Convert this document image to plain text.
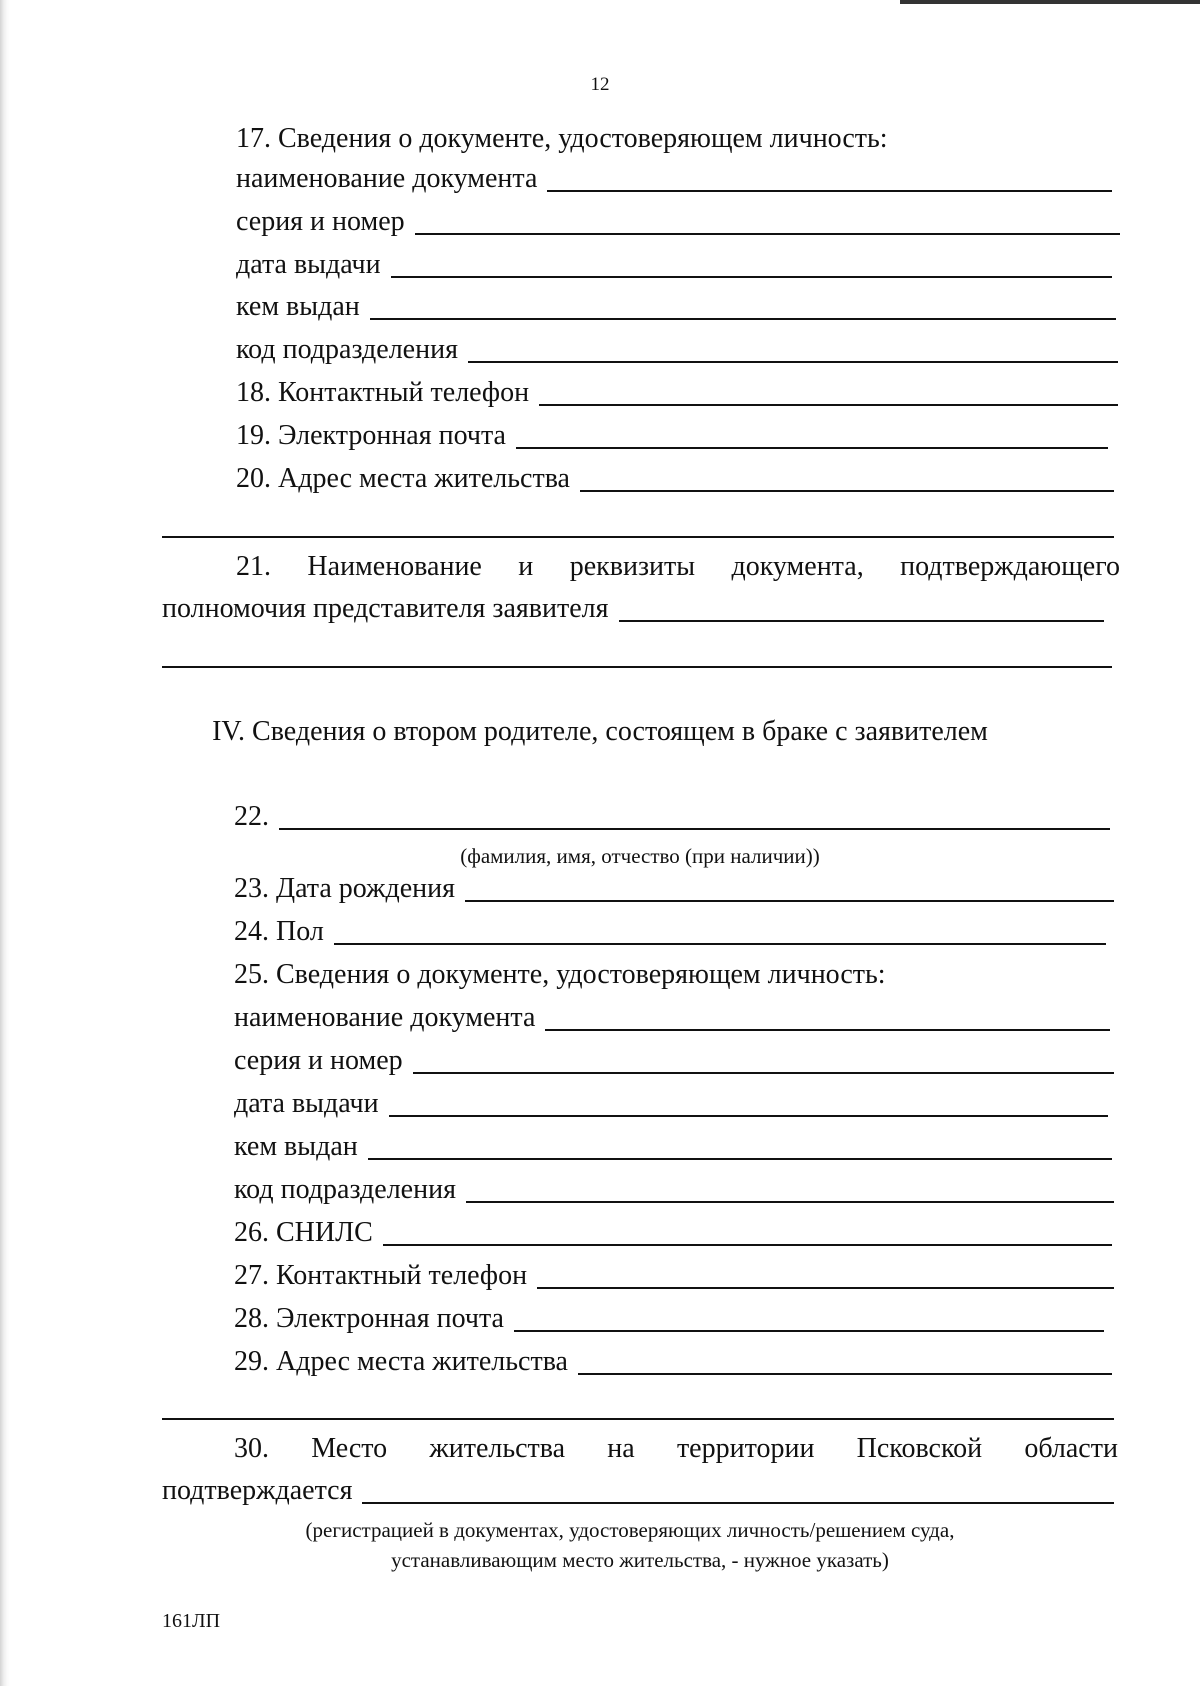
12
17. Сведения о документе, удостоверяющем личность:
наименование документа
серия и номер
дата выдачи
кем выдан
код подразделения
18. Контактный телефон
19. Электронная почта
20. Адрес места жительства
21. Наименование и реквизиты документа, подтверждающего
полномочия представителя заявителя
IV. Сведения о втором родителе, состоящем в браке с заявителем
22.
(фамилия, имя, отчество (при наличии))
23. Дата рождения
24. Пол
25. Сведения о документе, удостоверяющем личность:
наименование документа
серия и номер
дата выдачи
кем выдан
код подразделения
26. СНИЛС
27. Контактный телефон
28. Электронная почта
29. Адрес места жительства
30. Место жительства на территории Псковской области
подтверждается
(регистрацией в документах, удостоверяющих личность/решением суда,
устанавливающим место жительства, - нужное указать)
161ЛП
